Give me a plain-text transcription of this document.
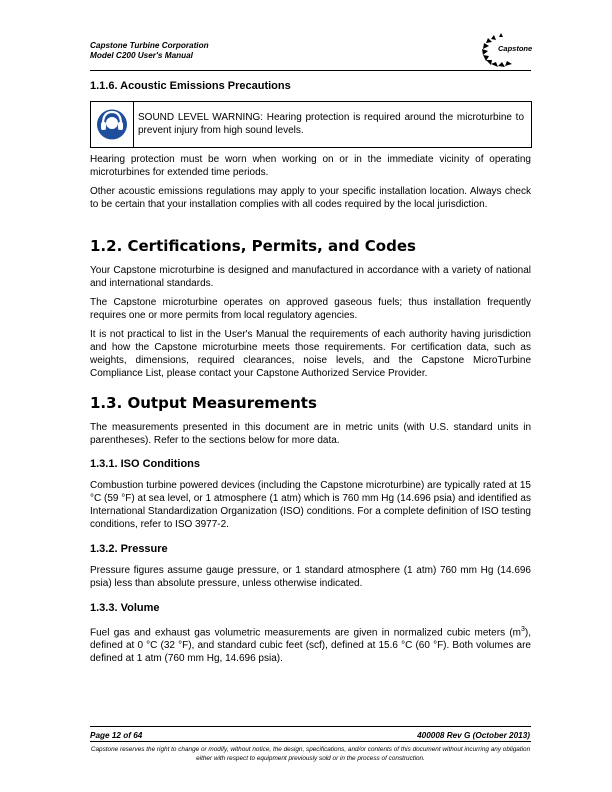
Capstone Turbine Corporation
Model C200 User's Manual
Capstone
1.1.6. Acoustic Emissions Precautions
SOUND LEVEL WARNING: Hearing protection is required around the microturbine to prevent injury from high sound levels.

Hearing protection must be worn when working on or in the immediate vicinity of operating microturbines for extended time periods.

Other acoustic emissions regulations may apply to your specific installation location. Always check to be certain that your installation complies with all codes required by the local jurisdiction.

1.2. Certifications, Permits, and Codes

Your Capstone microturbine is designed and manufactured in accordance with a variety of national and international standards.

The Capstone microturbine operates on approved gaseous fuels; thus installation frequently requires one or more permits from local regulatory agencies.

It is not practical to list in the User's Manual the requirements of each authority having jurisdiction and how the Capstone microturbine meets those requirements. For certification data, such as weights, dimensions, required clearances, noise levels, and the Capstone MicroTurbine Compliance List, please contact your Capstone Authorized Service Provider.

1.3. Output Measurements

The measurements presented in this document are in metric units (with U.S. standard units in parentheses). Refer to the sections below for more data.

1.3.1. ISO Conditions

Combustion turbine powered devices (including the Capstone microturbine) are typically rated at 15 °C (59 °F) at sea level, or 1 atmosphere (1 atm) which is 760 mm Hg (14.696 psia) and identified as International Standardization Organization (ISO) conditions. For a complete definition of ISO testing conditions, refer to ISO 3977-2.

1.3.2. Pressure

Pressure figures assume gauge pressure, or 1 standard atmosphere (1 atm) 760 mm Hg (14.696 psia) less than absolute pressure, unless otherwise indicated.

1.3.3. Volume

Fuel gas and exhaust gas volumetric measurements are given in normalized cubic meters $(m^3)$, defined at 0 °C (32 °F), and standard cubic feet (scf), defined at 15.6 °C (60 °F). Both volumes are defined at 1 atm (760 mm Hg, 14.696 psia).

Page 12 of 64	400008 Rev G (October 2013)
Capstone reserves the right to change or modify, without notice, the design, specifications, and/or contents of this document without incurring any obligation either with respect to equipment previously sold or in the process of construction.
